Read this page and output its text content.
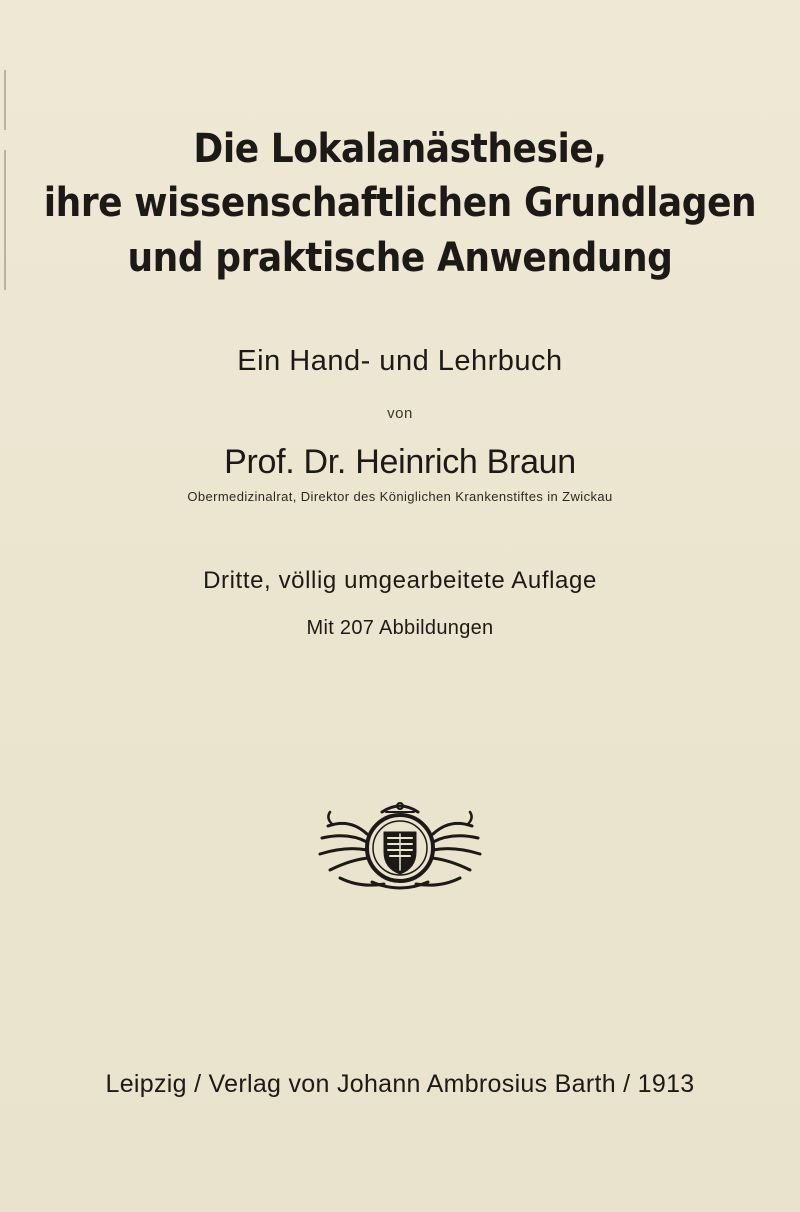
Die Lokalanästhesie,
ihre wissenschaftlichen Grundlagen
und praktische Anwendung
Ein Hand- und Lehrbuch
von
Prof. Dr. Heinrich Braun
Obermedizinalrat, Direktor des Königlichen Krankenstiftes in Zwickau
Dritte, völlig umgearbeitete Auflage
Mit 207 Abbildungen
Leipzig / Verlag von Johann Ambrosius Barth / 1913
